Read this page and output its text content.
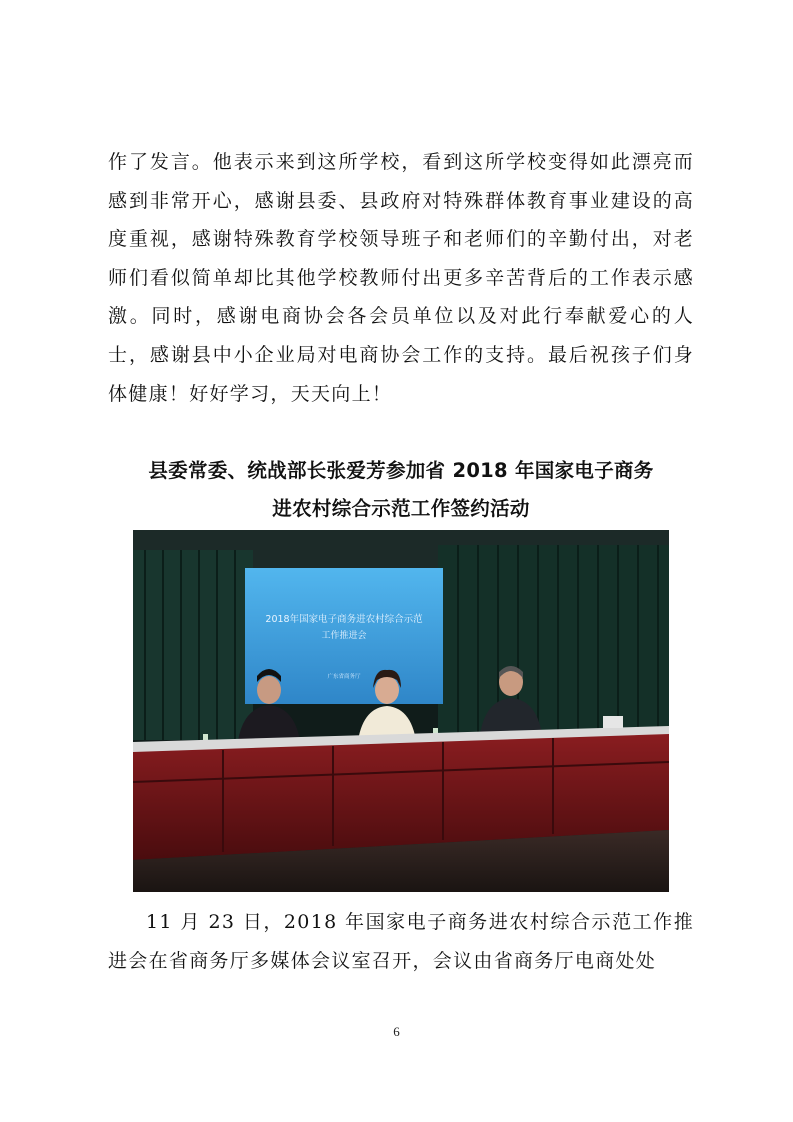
作了发言。他表示来到这所学校，看到这所学校变得如此漂亮而感到非常开心，感谢县委、县政府对特殊群体教育事业建设的高度重视，感谢特殊教育学校领导班子和老师们的辛勤付出，对老师们看似简单却比其他学校教师付出更多辛苦背后的工作表示感激。同时，感谢电商协会各会员单位以及对此行奉献爱心的人士，感谢县中小企业局对电商协会工作的支持。最后祝孩子们身体健康！好好学习，天天向上！

县委常委、统战部长张爱芳参加省 2018 年国家电子商务
进农村综合示范工作签约活动
2018年国家电子商务进农村综合示范
工作推进会
广东省商务厅

11 月 23 日，2018 年国家电子商务进农村综合示范工作推进会在省商务厅多媒体会议室召开，会议由省商务厅电商处处

6
